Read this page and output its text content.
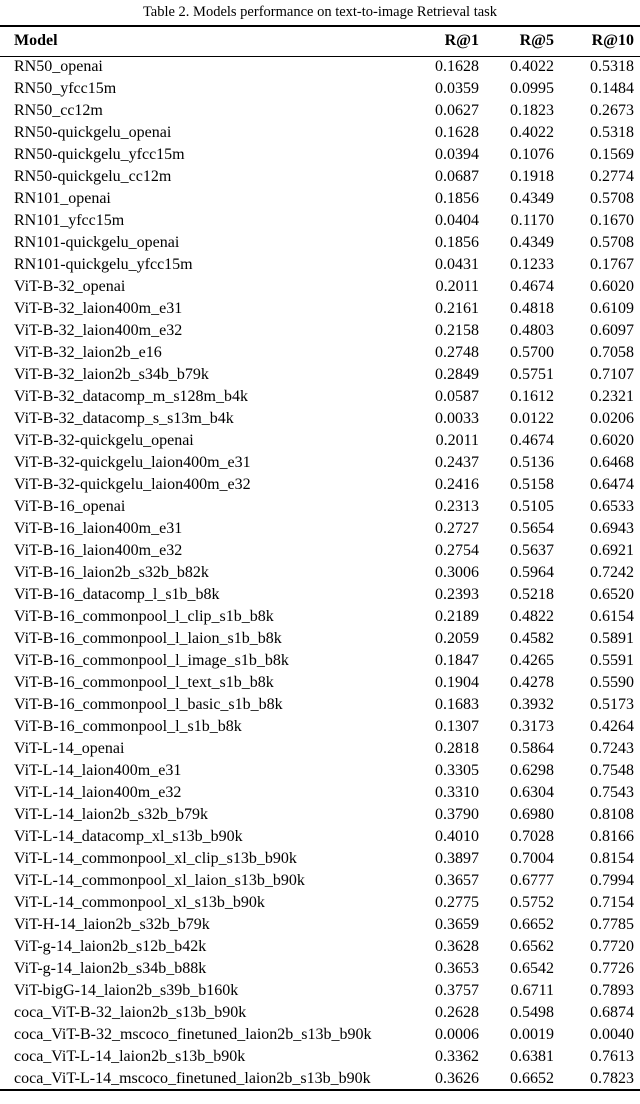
Table 2. Models performance on text-to-image Retrieval task
Model	R@1	R@5	R@10
RN50_openai	0.1628	0.4022	0.5318
RN50_yfcc15m	0.0359	0.0995	0.1484
RN50_cc12m	0.0627	0.1823	0.2673
RN50-quickgelu_openai	0.1628	0.4022	0.5318
RN50-quickgelu_yfcc15m	0.0394	0.1076	0.1569
RN50-quickgelu_cc12m	0.0687	0.1918	0.2774
RN101_openai	0.1856	0.4349	0.5708
RN101_yfcc15m	0.0404	0.1170	0.1670
RN101-quickgelu_openai	0.1856	0.4349	0.5708
RN101-quickgelu_yfcc15m	0.0431	0.1233	0.1767
ViT-B-32_openai	0.2011	0.4674	0.6020
ViT-B-32_laion400m_e31	0.2161	0.4818	0.6109
ViT-B-32_laion400m_e32	0.2158	0.4803	0.6097
ViT-B-32_laion2b_e16	0.2748	0.5700	0.7058
ViT-B-32_laion2b_s34b_b79k	0.2849	0.5751	0.7107
ViT-B-32_datacomp_m_s128m_b4k	0.0587	0.1612	0.2321
ViT-B-32_datacomp_s_s13m_b4k	0.0033	0.0122	0.0206
ViT-B-32-quickgelu_openai	0.2011	0.4674	0.6020
ViT-B-32-quickgelu_laion400m_e31	0.2437	0.5136	0.6468
ViT-B-32-quickgelu_laion400m_e32	0.2416	0.5158	0.6474
ViT-B-16_openai	0.2313	0.5105	0.6533
ViT-B-16_laion400m_e31	0.2727	0.5654	0.6943
ViT-B-16_laion400m_e32	0.2754	0.5637	0.6921
ViT-B-16_laion2b_s32b_b82k	0.3006	0.5964	0.7242
ViT-B-16_datacomp_l_s1b_b8k	0.2393	0.5218	0.6520
ViT-B-16_commonpool_l_clip_s1b_b8k	0.2189	0.4822	0.6154
ViT-B-16_commonpool_l_laion_s1b_b8k	0.2059	0.4582	0.5891
ViT-B-16_commonpool_l_image_s1b_b8k	0.1847	0.4265	0.5591
ViT-B-16_commonpool_l_text_s1b_b8k	0.1904	0.4278	0.5590
ViT-B-16_commonpool_l_basic_s1b_b8k	0.1683	0.3932	0.5173
ViT-B-16_commonpool_l_s1b_b8k	0.1307	0.3173	0.4264
ViT-L-14_openai	0.2818	0.5864	0.7243
ViT-L-14_laion400m_e31	0.3305	0.6298	0.7548
ViT-L-14_laion400m_e32	0.3310	0.6304	0.7543
ViT-L-14_laion2b_s32b_b79k	0.3790	0.6980	0.8108
ViT-L-14_datacomp_xl_s13b_b90k	0.4010	0.7028	0.8166
ViT-L-14_commonpool_xl_clip_s13b_b90k	0.3897	0.7004	0.8154
ViT-L-14_commonpool_xl_laion_s13b_b90k	0.3657	0.6777	0.7994
ViT-L-14_commonpool_xl_s13b_b90k	0.2775	0.5752	0.7154
ViT-H-14_laion2b_s32b_b79k	0.3659	0.6652	0.7785
ViT-g-14_laion2b_s12b_b42k	0.3628	0.6562	0.7720
ViT-g-14_laion2b_s34b_b88k	0.3653	0.6542	0.7726
ViT-bigG-14_laion2b_s39b_b160k	0.3757	0.6711	0.7893
coca_ViT-B-32_laion2b_s13b_b90k	0.2628	0.5498	0.6874
coca_ViT-B-32_mscoco_finetuned_laion2b_s13b_b90k	0.0006	0.0019	0.0040
coca_ViT-L-14_laion2b_s13b_b90k	0.3362	0.6381	0.7613
coca_ViT-L-14_mscoco_finetuned_laion2b_s13b_b90k	0.3626	0.6652	0.7823
